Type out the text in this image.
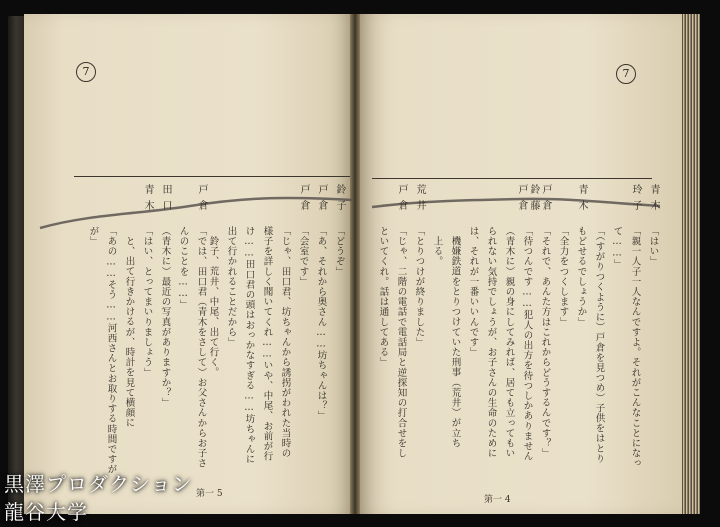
7	7
鈴子
戸倉
戸倉
戸倉
田口
青木
「どうぞ」
「あ、それから奥さん……坊ちゃんは？」
「会室です」
「じゃ、田口君、坊ちゃんから誘拐がわれた当時の
様子を詳しく聞いてくれ……いや、中尾、お前が行
け……田口君の頭はおっかなすぎる……坊ちゃんに
出て行かれることだから」
鈴子、荒井、中尾、出て行く。
「では、田口君（青木をさして）お父さんからお子さ
んのことを……」
（青木に）最近の写真がありますか？」
「はい、とってまいりましょう」
と、出て行きかけるが、時計を見て横顔に
「あの……そう……河西さんとお取りする時間ですが
が」
第一 5
青木
玲子
青木
戸倉
鈴藤
戸倉
荒井
戸倉
「はい」
「親一人子一人なんですよ。それがこんなことになっ
て……」
「（すがりつくように）戸倉を見つめ）子供をはとり
もどせるでしょうか」
「全力をつくします」
「それで、あんた方はこれからどうするんです？」
「待つんです……犯人の出方を待つしかありません
（青木に）親の身にしてみれば、居ても立ってもい
られない気持でしょうが、お子さんの生命のために
は、それが一番いいんです」
機嫌鉄道をとりつけていた刑事（荒井）が立ち
上る。
「とりつけが終りました」
「じゃ、二階の電話で電話局と逆探知の打合せをし
といてくれ。話は通してある」
第一 4
黒澤プロダクション
龍谷大学
